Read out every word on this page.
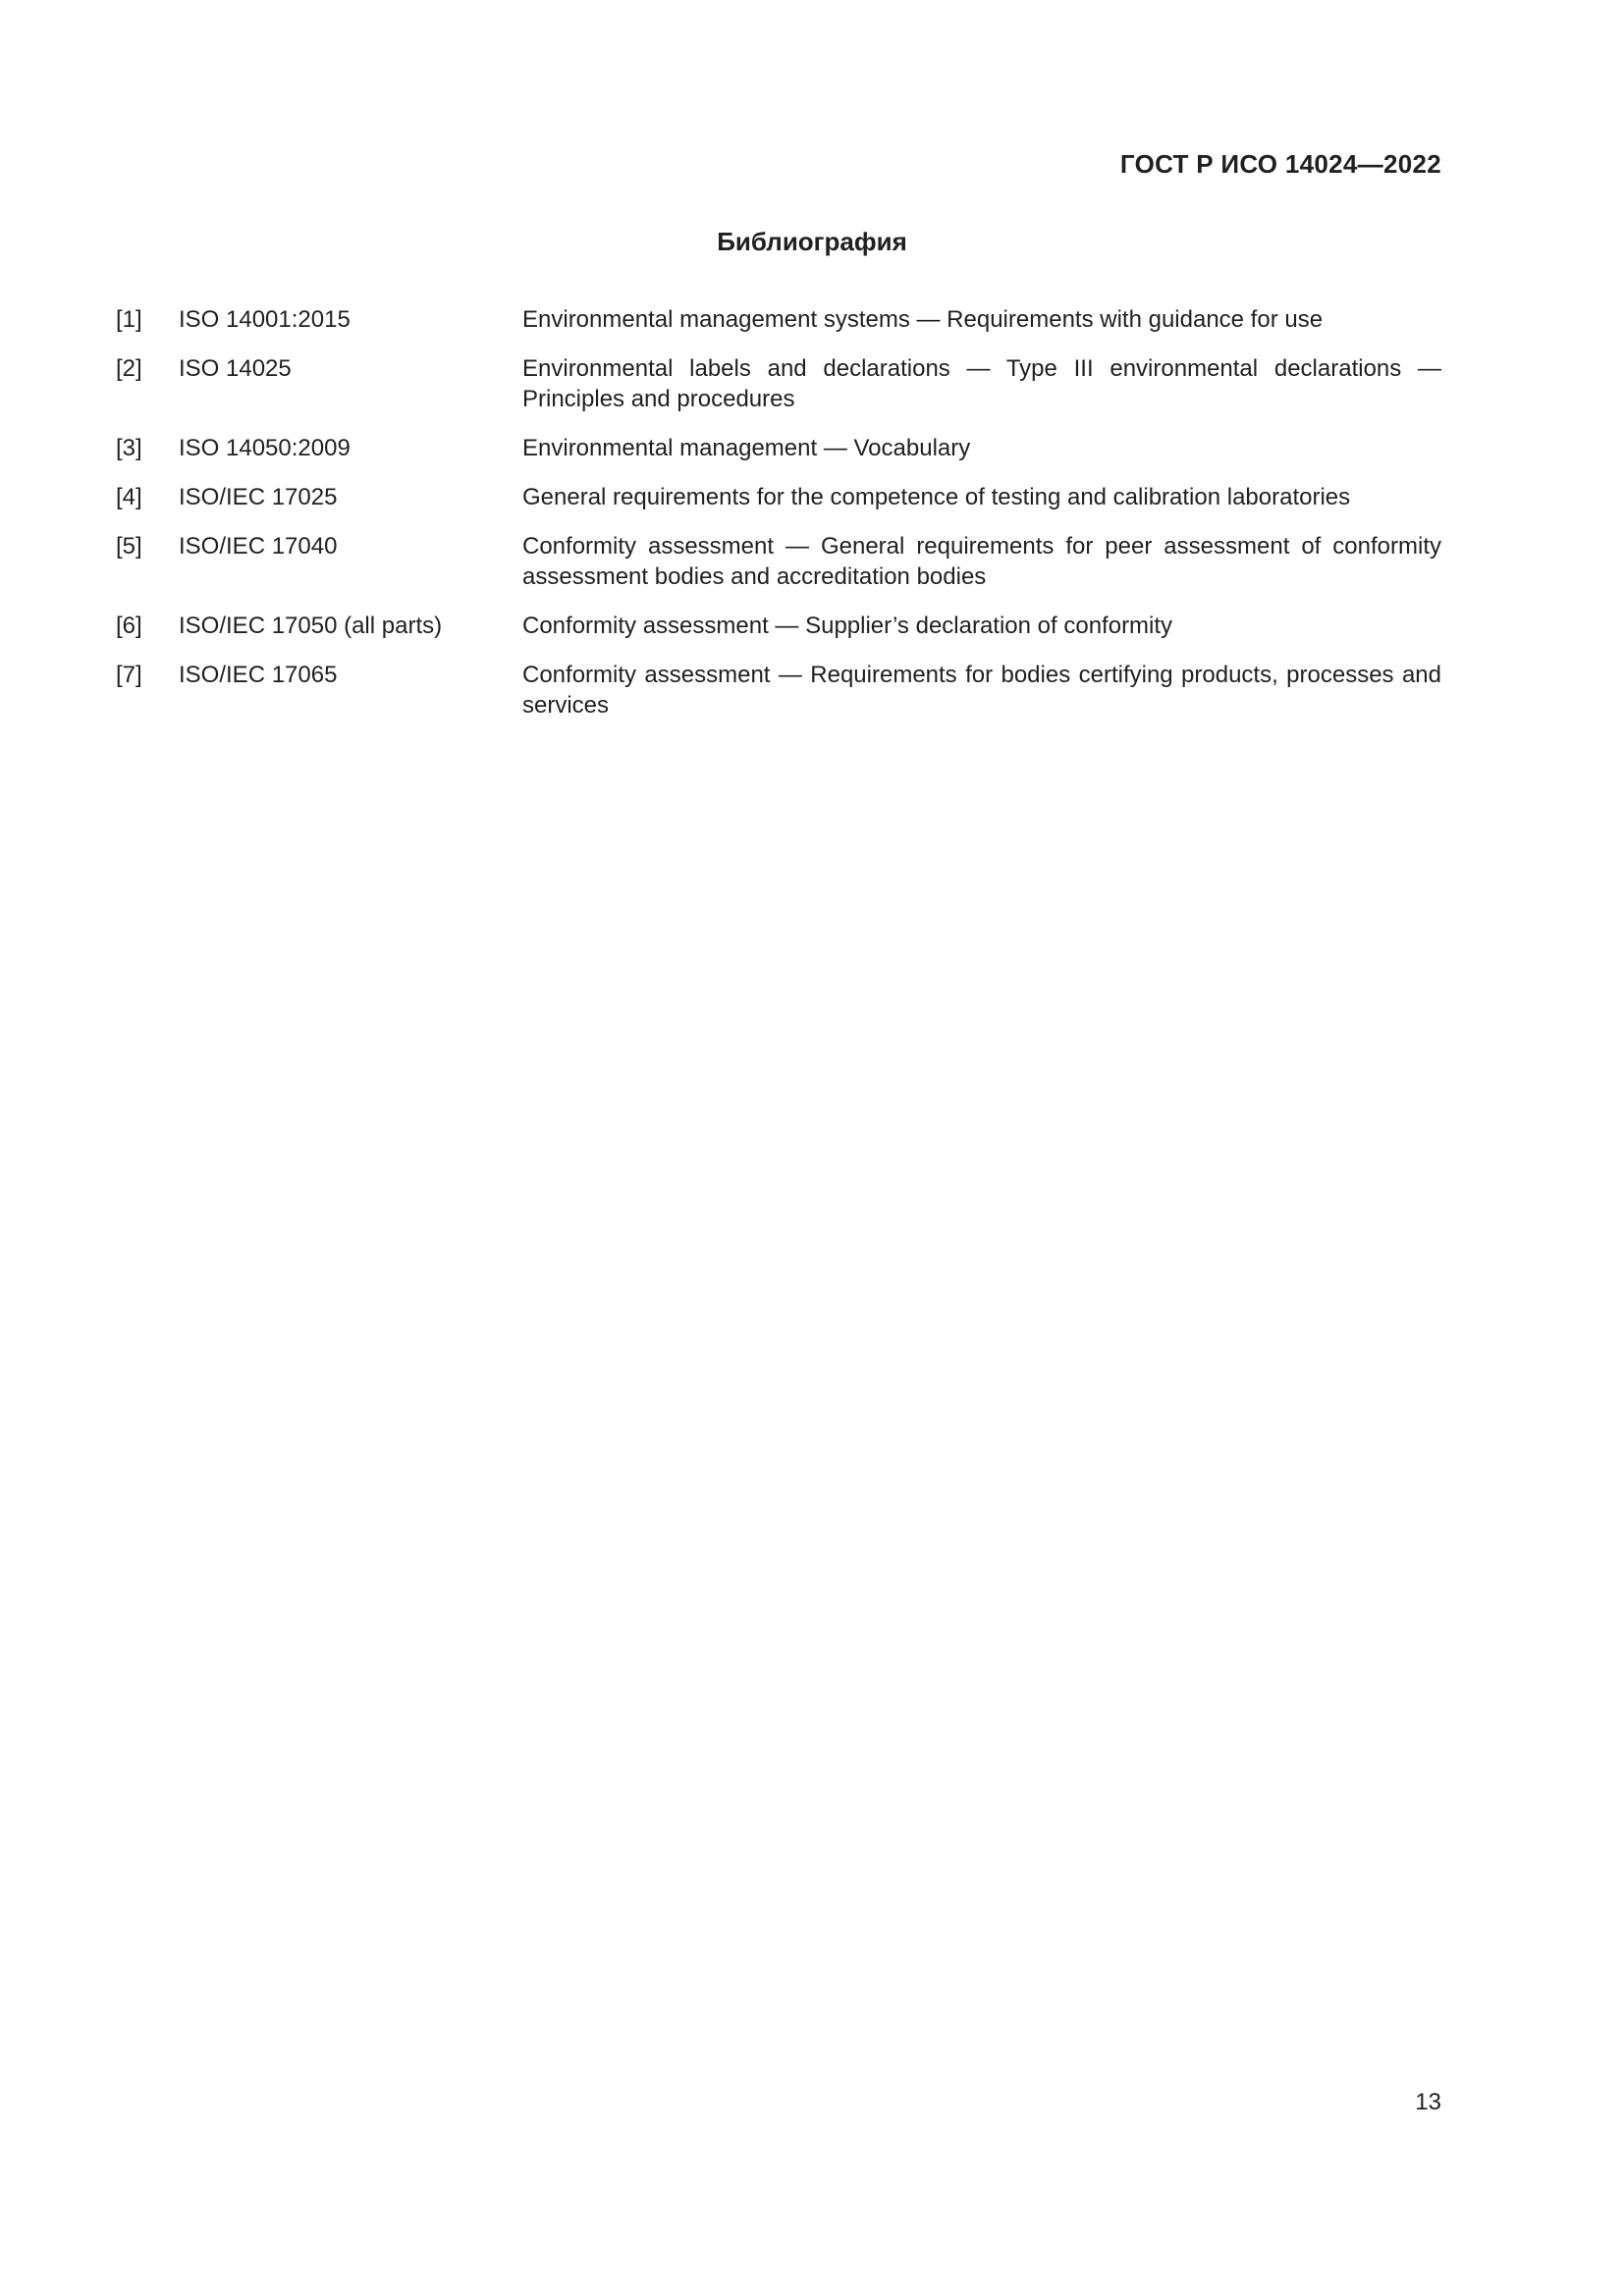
ГОСТ Р ИСО 14024—2022
Библиография
[1]	ISO 14001:2015	Environmental management systems — Requirements with guidance for use
[2]	ISO 14025	Environmental labels and declarations — Type III environmental declarations — Principles and procedures
[3]	ISO 14050:2009	Environmental management — Vocabulary
[4]	ISO/IEC 17025	General requirements for the competence of testing and calibration laboratories
[5]	ISO/IEC 17040	Conformity assessment — General requirements for peer assessment of conformity assessment bodies and accreditation bodies
[6]	ISO/IEC 17050 (all parts)	Conformity assessment — Supplier’s declaration of conformity
[7]	ISO/IEC 17065	Conformity assessment — Requirements for bodies certifying products, processes and services
13
